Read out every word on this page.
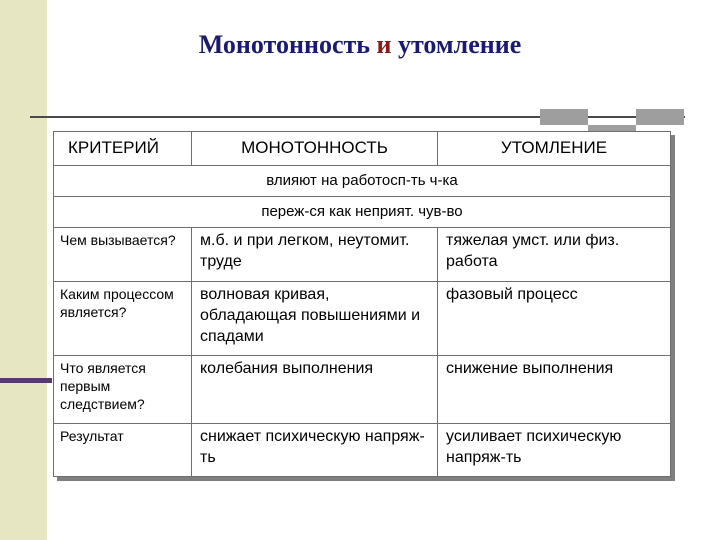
Монотонность и утомление
КРИТЕРИЙ	МОНОТОННОСТЬ	УТОМЛЕНИЕ
влияют на работосп-ть ч-ка		
переж-ся как неприят. чув-во		
Чем вызывается?	м.б. и при легком, неутомит. труде	тяжелая умст. или физ. работа
Каким процессом является?	волновая кривая, обладающая повышениями и спадами	фазовый процесс
Что является первым следствием?	колебания выполнения	снижение выполнения
Результат	снижает психическую напряж-ть	усиливает психическую напряж-ть
